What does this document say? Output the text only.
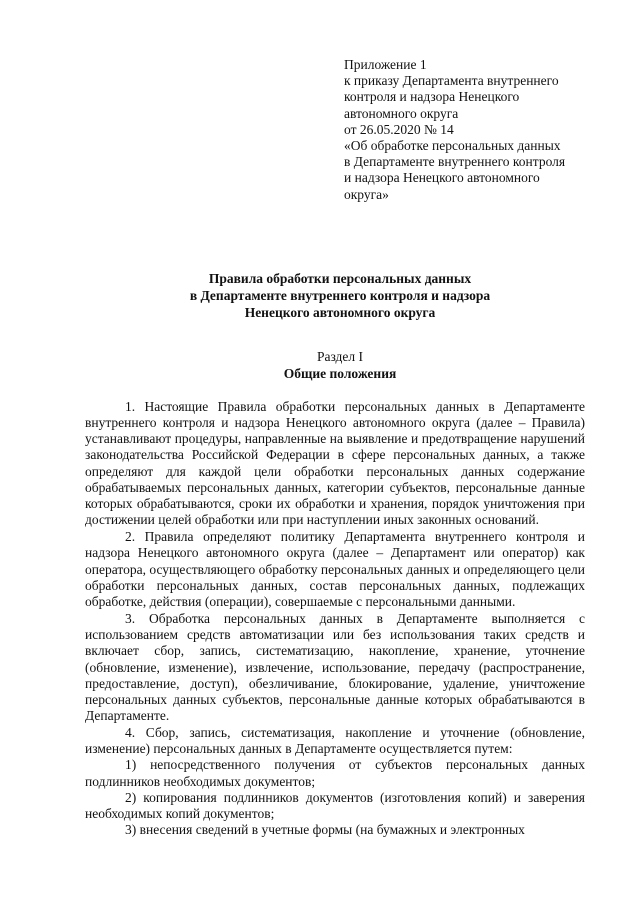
Приложение 1
к приказу Департамента внутреннего
контроля и надзора Ненецкого
автономного округа
от 26.05.2020 № 14
«Об обработке персональных данных
в Департаменте внутреннего контроля
и надзора Ненецкого автономного
округа»
Правила обработки персональных данных
в Департаменте внутреннего контроля и надзора
Ненецкого автономного округа
Раздел I
Общие положения

1. Настоящие Правила обработки персональных данных в Департаменте внутреннего контроля и надзора Ненецкого автономного округа (далее – Правила) устанавливают процедуры, направленные на выявление и предотвращение нарушений законодательства Российской Федерации в сфере персональных данных, а также определяют для каждой цели обработки персональных данных содержание обрабатываемых персональных данных, категории субъектов, персональные данные которых обрабатываются, сроки их обработки и хранения, порядок уничтожения при достижении целей обработки или при наступлении иных законных оснований.

2. Правила определяют политику Департамента внутреннего контроля и надзора Ненецкого автономного округа (далее – Департамент или оператор) как оператора, осуществляющего обработку персональных данных и определяющего цели обработки персональных данных, состав персональных данных, подлежащих обработке, действия (операции), совершаемые с персональными данными.

3. Обработка персональных данных в Департаменте выполняется с использованием средств автоматизации или без использования таких средств и включает сбор, запись, систематизацию, накопление, хранение, уточнение (обновление, изменение), извлечение, использование, передачу (распространение, предоставление, доступ), обезличивание, блокирование, удаление, уничтожение персональных данных субъектов, персональные данные которых обрабатываются в Департаменте.

4. Сбор, запись, систематизация, накопление и уточнение (обновление, изменение) персональных данных в Департаменте осуществляется путем:

1) непосредственного получения от субъектов персональных данных подлинников необходимых документов;

2) копирования подлинников документов (изготовления копий) и заверения необходимых копий документов;

3) внесения сведений в учетные формы (на бумажных и электронных
